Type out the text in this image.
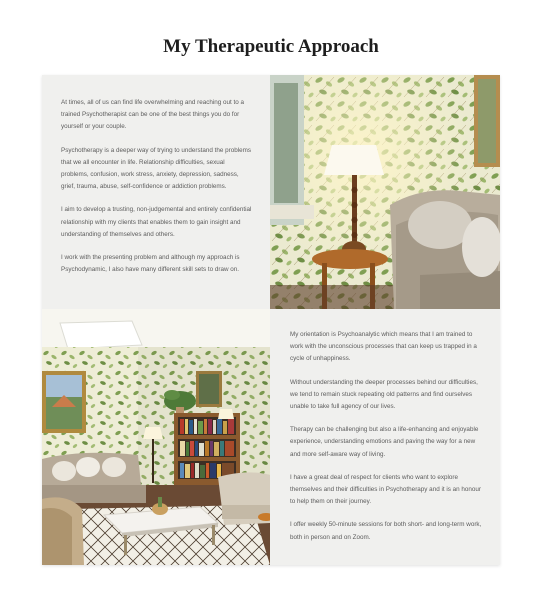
My Therapeutic Approach

At times, all of us can find life overwhelming and reaching out to a trained Psychotherapist can be one of the best things you do for yourself or your couple.

Psychotherapy is a deeper way of trying to understand the problems that we all encounter in life. Relationship difficulties, sexual problems, confusion, work stress, anxiety, depression, sadness, grief, trauma, abuse, self-confidence or addiction problems.

I aim to develop a trusting, non-judgemental and entirely confidential relationship with my clients that enables them to gain insight and understanding of themselves and others.

I work with the presenting problem and although my approach is Psychodynamic, I also have many different skill sets to draw on.

My orientation is Psychoanalytic which means that I am trained to work with the unconscious processes that can keep us trapped in a cycle of unhappiness.

Without understanding the deeper processes behind our difficulties, we tend to remain stuck repeating old patterns and find ourselves unable to take full agency of our lives.

Therapy can be challenging but also a life-enhancing and enjoyable experience, understanding emotions and paving the way for a new and more self-aware way of living.

I have a great deal of respect for clients who want to explore themselves and their difficulties in Psychotherapy and it is an honour to help them on their journey.

I offer weekly 50-minute sessions for both short- and long-term work, both in person and on Zoom.
